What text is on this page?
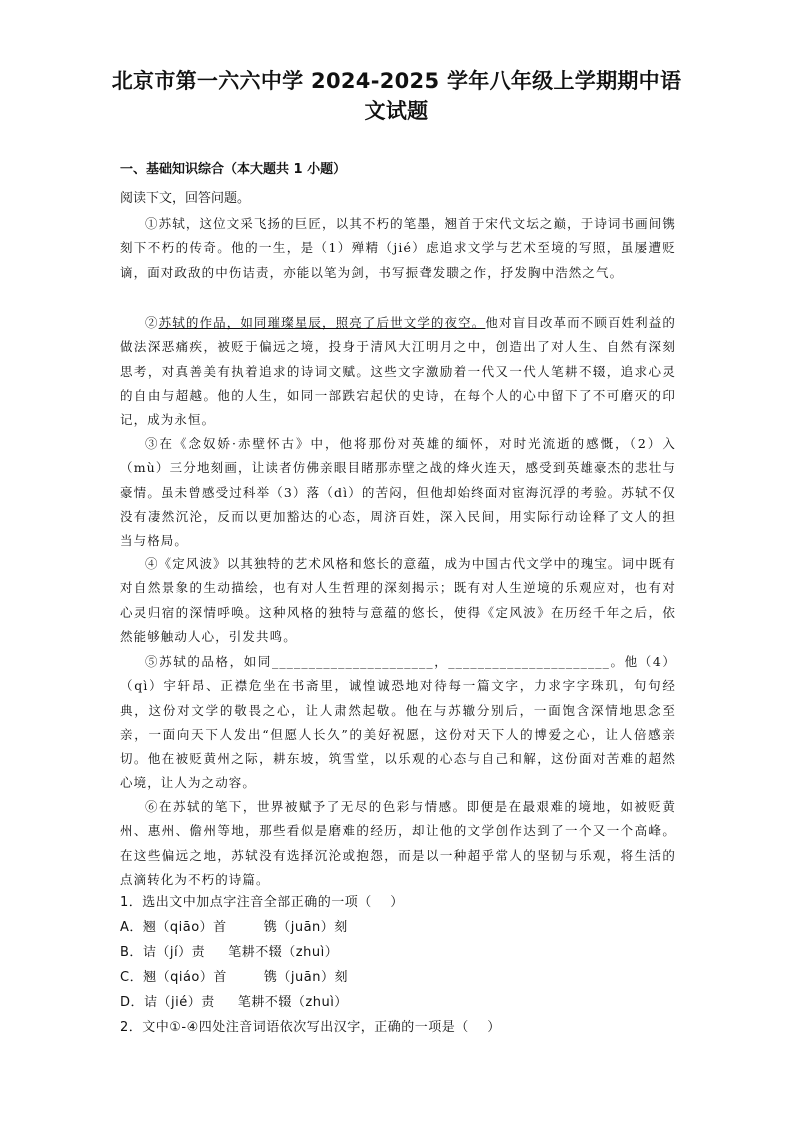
北京市第一六六中学 2024-2025 学年八年级上学期期中语
文试题
一、基础知识综合（本大题共 1 小题）
阅读下文，回答问题。
①苏轼，这位文采飞扬的巨匠，以其不朽的笔墨，翘首于宋代文坛之巅，于诗词书画间镌刻下不朽的传奇。他的一生，是（1）殚精（jié）虑追求文学与艺术至境的写照，虽屡遭贬谪，面对政敌的中伤诘责，亦能以笔为剑，书写振聋发聩之作，抒发胸中浩然之气。
②苏轼的作品，如同璀璨星辰，照亮了后世文学的夜空。他对盲目改革而不顾百姓利益的做法深恶痛疾，被贬于偏远之境，投身于清风大江明月之中，创造出了对人生、自然有深刻思考，对真善美有执着追求的诗词文赋。这些文字激励着一代又一代人笔耕不辍，追求心灵的自由与超越。他的人生，如同一部跌宕起伏的史诗，在每个人的心中留下了不可磨灭的印记，成为永恒。
③在《念奴娇·赤壁怀古》中，他将那份对英雄的缅怀，对时光流逝的感慨，（2）入（mù）三分地刻画，让读者仿佛亲眼目睹那赤壁之战的烽火连天，感受到英雄豪杰的悲壮与豪情。虽未曾感受过科举（3）落（dì）的苦闷，但他却始终面对宦海沉浮的考验。苏轼不仅没有凄然沉沦，反而以更加豁达的心态，周济百姓，深入民间，用实际行动诠释了文人的担当与格局。
④《定风波》以其独特的艺术风格和悠长的意蕴，成为中国古代文学中的瑰宝。词中既有对自然景象的生动描绘，也有对人生哲理的深刻揭示；既有对人生逆境的乐观应对，也有对心灵归宿的深情呼唤。这种风格的独特与意蕴的悠长，使得《定风波》在历经千年之后，依然能够触动人心，引发共鸣。
⑤苏轼的品格，如同______________________，______________________。他（4）（qì）宇轩昂、正襟危坐在书斋里，诚惶诚恐地对待每一篇文字，力求字字珠玑，句句经典，这份对文学的敬畏之心，让人肃然起敬。他在与苏辙分别后，一面饱含深情地思念至亲，一面向天下人发出“但愿人长久”的美好祝愿，这份对天下人的博爱之心，让人倍感亲切。他在被贬黄州之际，耕东坡，筑雪堂，以乐观的心态与自己和解，这份面对苦难的超然心境，让人为之动容。
⑥在苏轼的笔下，世界被赋予了无尽的色彩与情感。即便是在最艰难的境地，如被贬黄州、惠州、儋州等地，那些看似是磨难的经历，却让他的文学创作达到了一个又一个高峰。在这些偏远之地，苏轼没有选择沉沦或抱怨，而是以一种超乎常人的坚韧与乐观，将生活的点滴转化为不朽的诗篇。
1．选出文中加点字注音全部正确的一项（    ）
A．翘（qiāo）首        镌（juān）刻
B．诘（jí）责     笔耕不辍（zhuì）
C．翘（qiáo）首        镌（juān）刻
D．诘（jié）责     笔耕不辍（zhuì）
2．文中①-④四处注音词语依次写出汉字，正确的一项是（    ）
